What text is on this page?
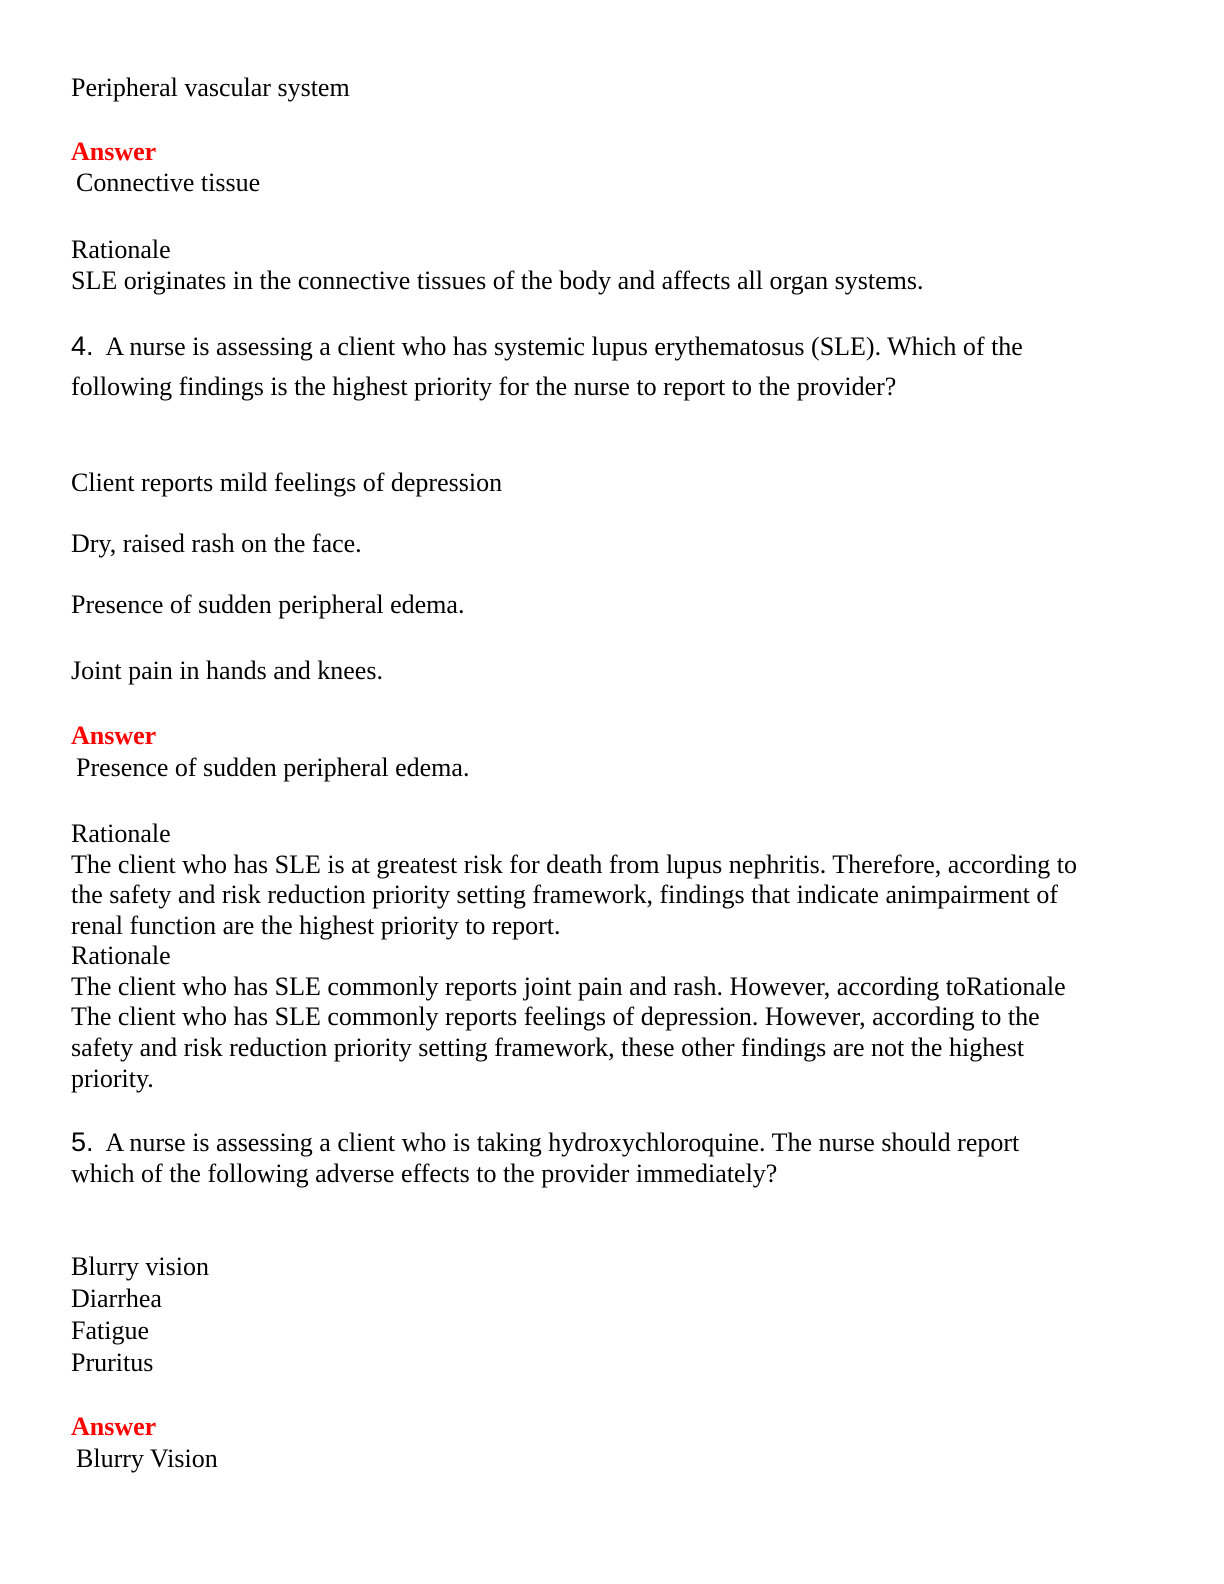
Peripheral vascular system
Answer
Connective tissue
Rationale
SLE originates in the connective tissues of the body and affects all organ systems.
4. A nurse is assessing a client who has systemic lupus erythematosus (SLE). Which of the
following findings is the highest priority for the nurse to report to the provider?
Client reports mild feelings of depression
Dry, raised rash on the face.
Presence of sudden peripheral edema.
Joint pain in hands and knees.
Answer
Presence of sudden peripheral edema.
Rationale
The client who has SLE is at greatest risk for death from lupus nephritis. Therefore, according to
the safety and risk reduction priority setting framework, findings that indicate animpairment of
renal function are the highest priority to report.
Rationale
The client who has SLE commonly reports joint pain and rash. However, according toRationale
The client who has SLE commonly reports feelings of depression. However, according to the
safety and risk reduction priority setting framework, these other findings are not the highest
priority.
5. A nurse is assessing a client who is taking hydroxychloroquine. The nurse should report
which of the following adverse effects to the provider immediately?
Blurry vision
Diarrhea
Fatigue
Pruritus
Answer
Blurry Vision
